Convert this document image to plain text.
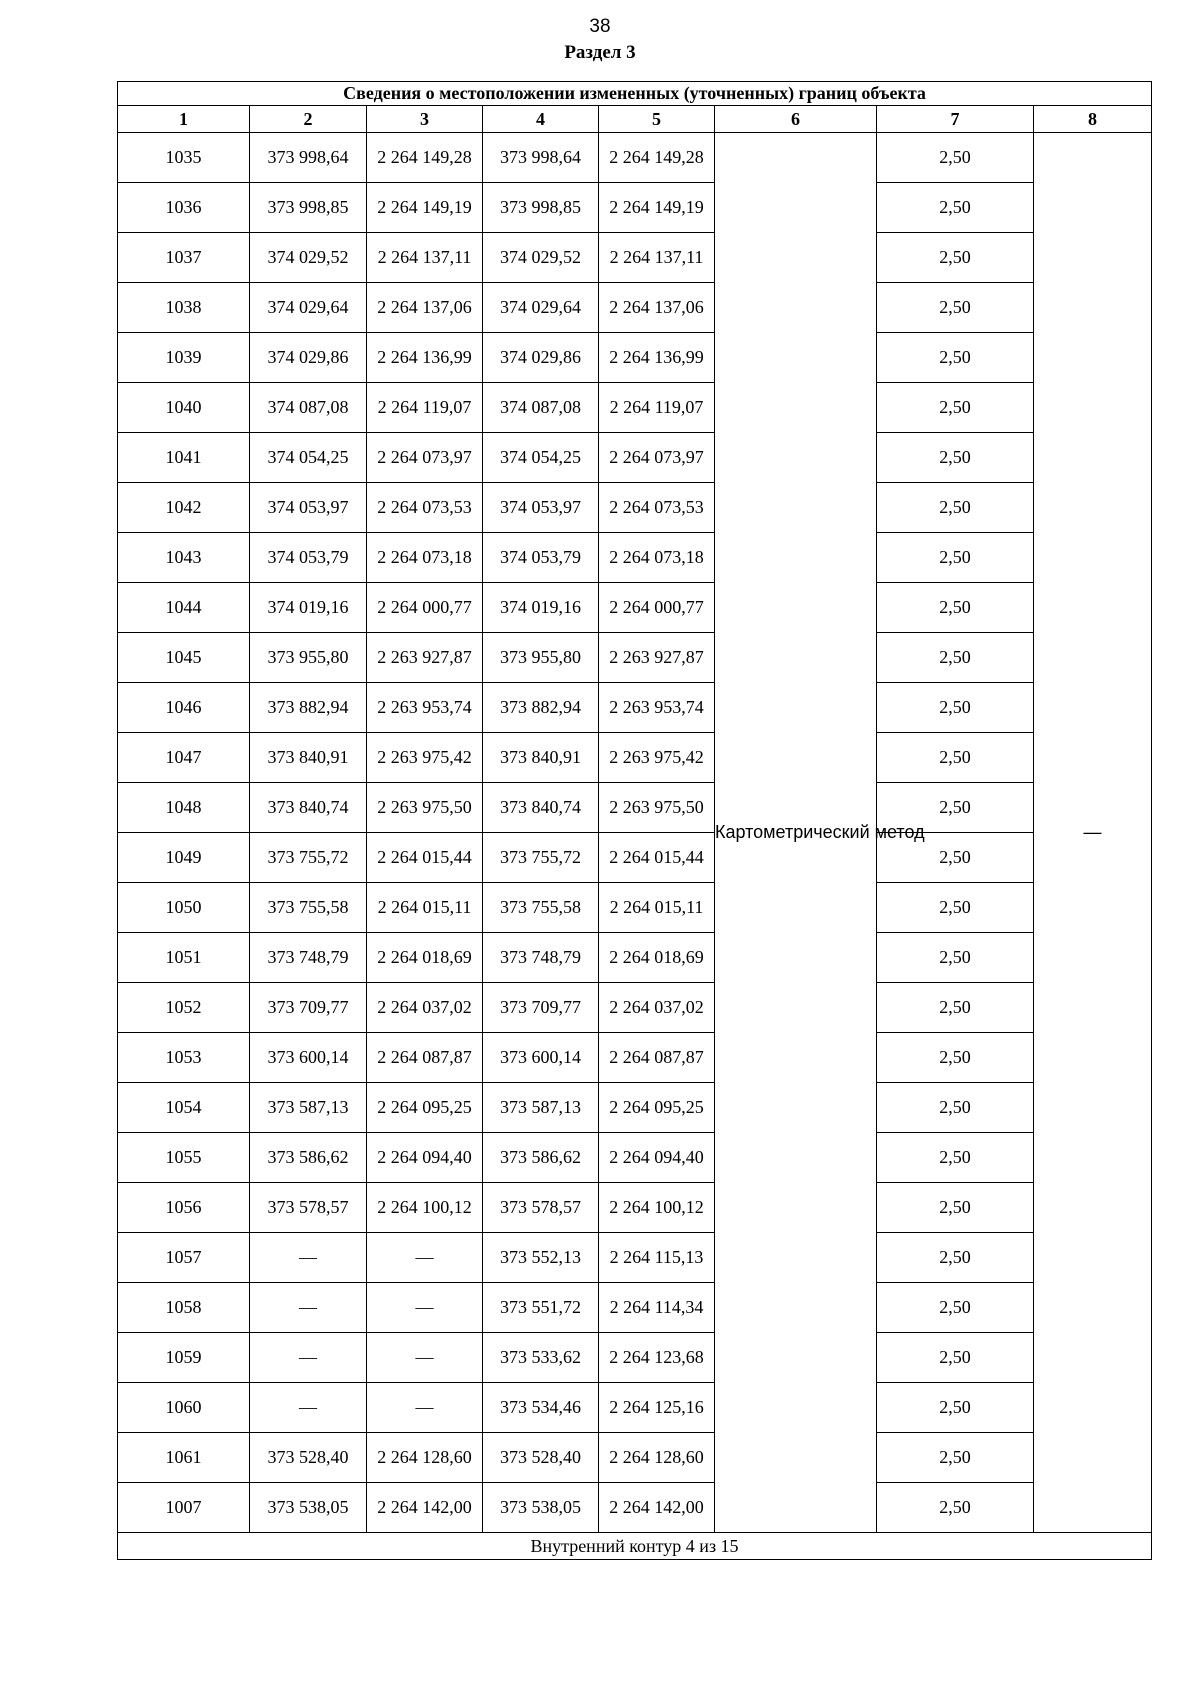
38
Раздел 3
Сведения о местоположении измененных (уточненных) границ объекта							
1	2	3	4	5	6	7	8
1035	373 998,64	2 264 149,28	373 998,64	2 264 149,28	Картометрический метод	2,50	—
1036	373 998,85	2 264 149,19	373 998,85	2 264 149,19		2,50	
1037	374 029,52	2 264 137,11	374 029,52	2 264 137,11		2,50	
1038	374 029,64	2 264 137,06	374 029,64	2 264 137,06		2,50	
1039	374 029,86	2 264 136,99	374 029,86	2 264 136,99		2,50	
1040	374 087,08	2 264 119,07	374 087,08	2 264 119,07		2,50	
1041	374 054,25	2 264 073,97	374 054,25	2 264 073,97		2,50	
1042	374 053,97	2 264 073,53	374 053,97	2 264 073,53		2,50	
1043	374 053,79	2 264 073,18	374 053,79	2 264 073,18		2,50	
1044	374 019,16	2 264 000,77	374 019,16	2 264 000,77		2,50	
1045	373 955,80	2 263 927,87	373 955,80	2 263 927,87		2,50	
1046	373 882,94	2 263 953,74	373 882,94	2 263 953,74		2,50	
1047	373 840,91	2 263 975,42	373 840,91	2 263 975,42		2,50	
1048	373 840,74	2 263 975,50	373 840,74	2 263 975,50		2,50	
1049	373 755,72	2 264 015,44	373 755,72	2 264 015,44		2,50	
1050	373 755,58	2 264 015,11	373 755,58	2 264 015,11		2,50	
1051	373 748,79	2 264 018,69	373 748,79	2 264 018,69		2,50	
1052	373 709,77	2 264 037,02	373 709,77	2 264 037,02		2,50	
1053	373 600,14	2 264 087,87	373 600,14	2 264 087,87		2,50	
1054	373 587,13	2 264 095,25	373 587,13	2 264 095,25		2,50	
1055	373 586,62	2 264 094,40	373 586,62	2 264 094,40		2,50	
1056	373 578,57	2 264 100,12	373 578,57	2 264 100,12		2,50	
1057	—	—	373 552,13	2 264 115,13		2,50	
1058	—	—	373 551,72	2 264 114,34		2,50	
1059	—	—	373 533,62	2 264 123,68		2,50	
1060	—	—	373 534,46	2 264 125,16		2,50	
1061	373 528,40	2 264 128,60	373 528,40	2 264 128,60		2,50	
1007	373 538,05	2 264 142,00	373 538,05	2 264 142,00		2,50	
Внутренний контур 4 из 15							
